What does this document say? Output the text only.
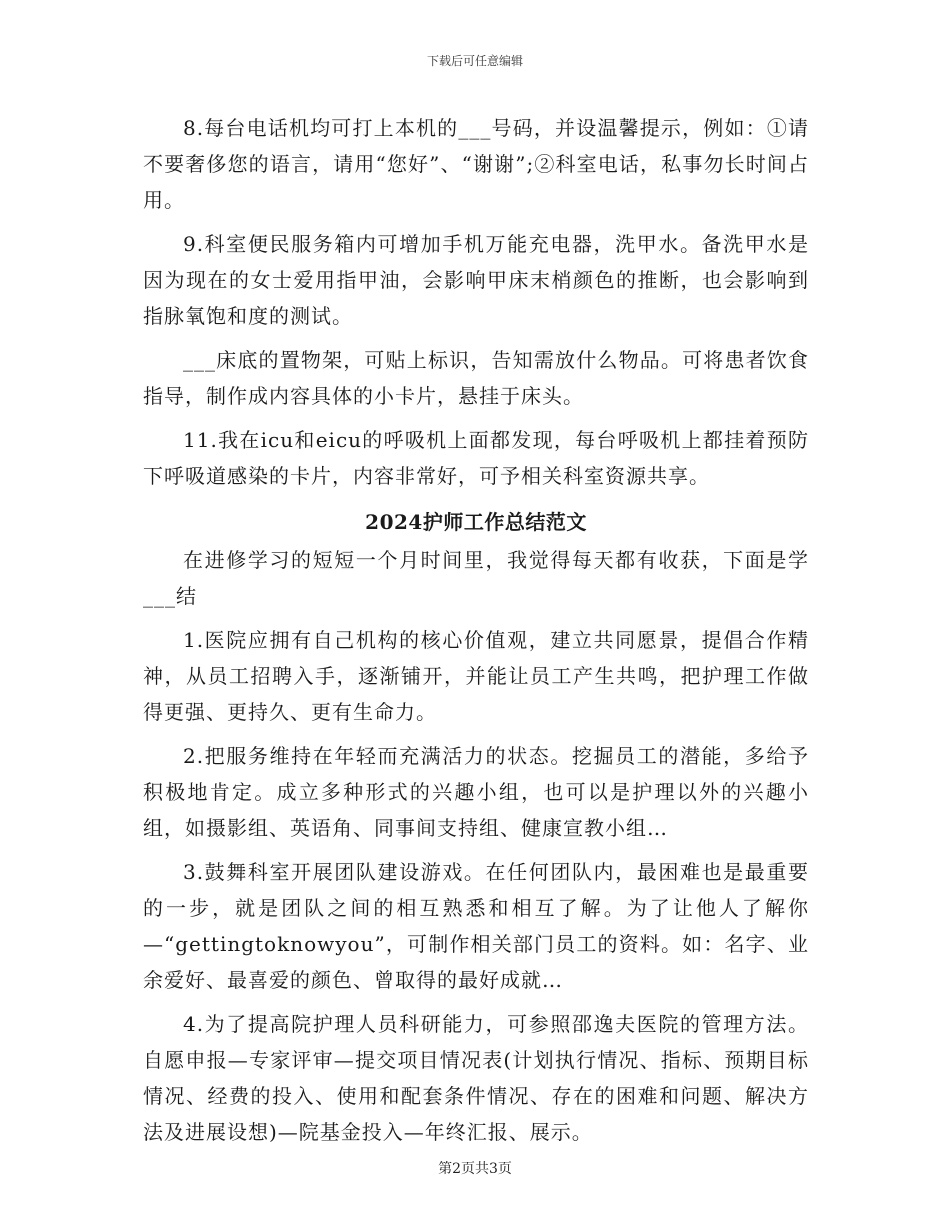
下载后可任意编辑

8.每台电话机均可打上本机的___号码，并设温馨提示，例如：①请不要奢侈您的语言，请用“您好”、“谢谢”;②科室电话，私事勿长时间占用。

9.科室便民服务箱内可增加手机万能充电器，洗甲水。备洗甲水是因为现在的女士爱用指甲油，会影响甲床末梢颜色的推断，也会影响到指脉氧饱和度的测试。

___床底的置物架，可贴上标识，告知需放什么物品。可将患者饮食指导，制作成内容具体的小卡片，悬挂于床头。

11.我在icu和eicu的呼吸机上面都发现，每台呼吸机上都挂着预防下呼吸道感染的卡片，内容非常好，可予相关科室资源共享。

2024护师工作总结范文

在进修学习的短短一个月时间里，我觉得每天都有收获，下面是学___结

1.医院应拥有自己机构的核心价值观，建立共同愿景，提倡合作精神，从员工招聘入手，逐渐铺开，并能让员工产生共鸣，把护理工作做得更强、更持久、更有生命力。

2.把服务维持在年轻而充满活力的状态。挖掘员工的潜能，多给予积极地肯定。成立多种形式的兴趣小组，也可以是护理以外的兴趣小组，如摄影组、英语角、同事间支持组、健康宣教小组…

3.鼓舞科室开展团队建设游戏。在任何团队内，最困难也是最重要的一步，就是团队之间的相互熟悉和相互了解。为了让他人了解你—“gettingtoknowyou”，可制作相关部门员工的资料。如：名字、业余爱好、最喜爱的颜色、曾取得的最好成就…

4.为了提高院护理人员科研能力，可参照邵逸夫医院的管理方法。自愿申报—专家评审—提交项目情况表(计划执行情况、指标、预期目标情况、经费的投入、使用和配套条件情况、存在的困难和问题、解决方法及进展设想)—院基金投入—年终汇报、展示。

第2页共3页
